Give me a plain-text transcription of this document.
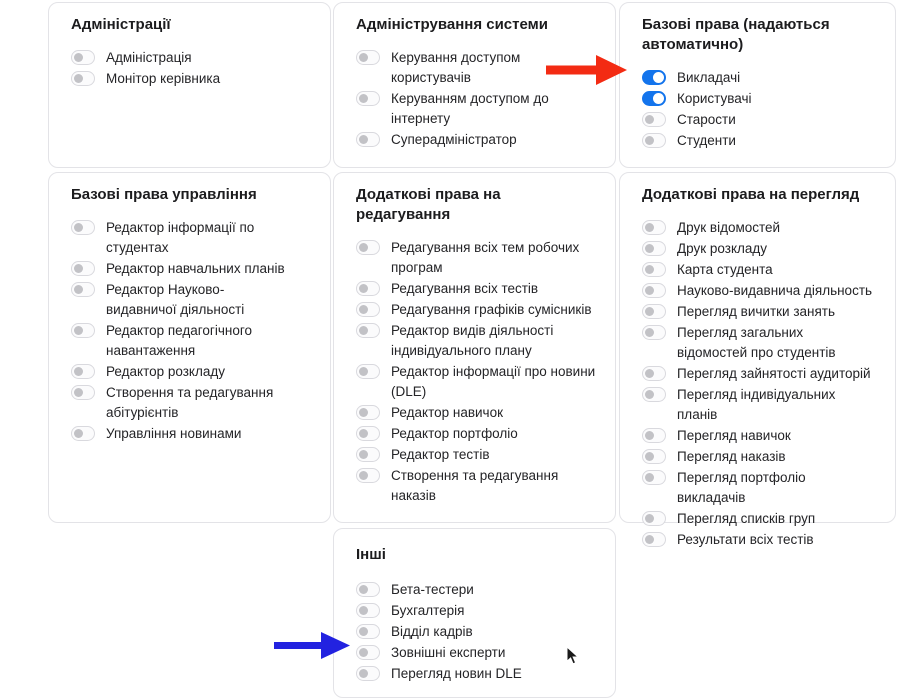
Адміністрації
Адміністрація
Монітор керівника
Адміністрування системи
Керування доступом користувачів
Керуванням доступом до інтернету
Суперадміністратор
Базові права (надаються автоматично)
Викладачі
Користувачі
Старости
Студенти
Базові права управління
Редактор інформації по студентах
Редактор навчальних планів
Редактор Науково-видавничої діяльності
Редактор педагогічного навантаження
Редактор розкладу
Створення та редагування абітурієнтів
Управління новинами
Додаткові права на редагування
Редагування всіх тем робочих програм
Редагування всіх тестів
Редагування графіків сумісників
Редактор видів діяльності індивідуального плану
Редактор інформації про новини (DLE)
Редактор навичок
Редактор портфоліо
Редактор тестів
Створення та редагування наказів
Додаткові права на перегляд
Друк відомостей
Друк розкладу
Карта студента
Науково-видавнича діяльность
Перегляд вичитки занять
Перегляд загальних відомостей про студентів
Перегляд зайнятості аудиторій
Перегляд індивідуальних планів
Перегляд навичок
Перегляд наказів
Перегляд портфоліо викладачів
Перегляд списків груп
Результати всіх тестів
Інші
Бета-тестери
Бухгалтерія
Відділ кадрів
Зовнішні експерти
Перегляд новин DLE
